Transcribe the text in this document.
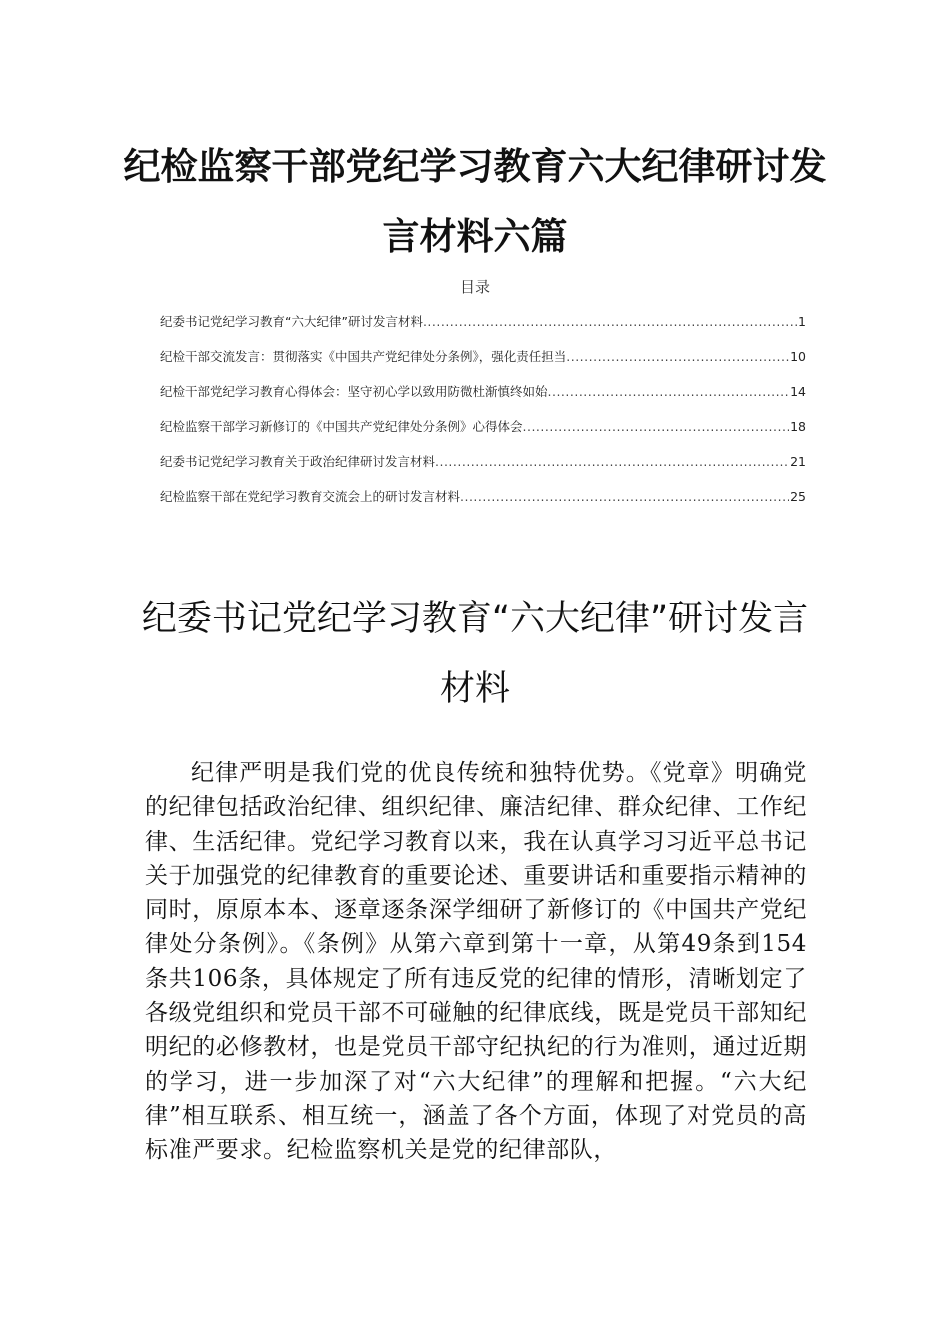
纪检监察干部党纪学习教育六大纪律研讨发言材料六篇
目录
纪委书记党纪学习教育“六大纪律”研讨发言材料 .....	1
纪检干部交流发言：贯彻落实《中国共产党纪律处分条例》，强化责任担当 .....	10
纪检干部党纪学习教育心得体会：坚守初心学以致用防微杜渐慎终如始 .....	14
纪检监察干部学习新修订的《中国共产党纪律处分条例》心得体会 .....	18
纪委书记党纪学习教育关于政治纪律研讨发言材料 .....	21
纪检监察干部在党纪学习教育交流会上的研讨发言材料 .....	25
纪委书记党纪学习教育“六大纪律”研讨发言材料

纪律严明是我们党的优良传统和独特优势。《党章》明确党的纪律包括政治纪律、组织纪律、廉洁纪律、群众纪律、工作纪律、生活纪律。党纪学习教育以来，我在认真学习习近平总书记关于加强党的纪律教育的重要论述、重要讲话和重要指示精神的同时，原原本本、逐章逐条深学细研了新修订的《中国共产党纪律处分条例》。《条例》从第六章到第十一章，从第49条到154条共106条，具体规定了所有违反党的纪律的情形，清晰划定了各级党组织和党员干部不可碰触的纪律底线，既是党员干部知纪明纪的必修教材，也是党员干部守纪执纪的行为准则，通过近期的学习，进一步加深了对“六大纪律”的理解和把握。“六大纪律”相互联系、相互统一，涵盖了各个方面，体现了对党员的高标准严要求。纪检监察机关是党的纪律部队，
